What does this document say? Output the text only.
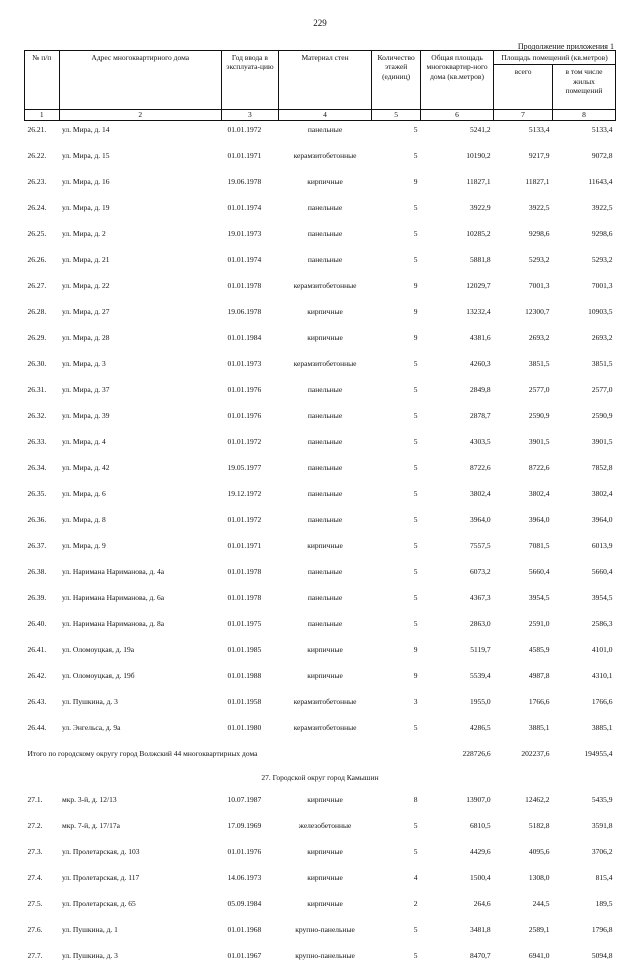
229
Продолжение приложения 1
№ п/п	Адрес многоквартирного дома	Год ввода в эксплуата-цию	Материал стен	Количество этажей (единиц)	Общая площадь многоквартир-ного дома (кв.метров)	Площадь помещений (кв.метров)	
						всего	в том числе жилых помещений
1	2	3	4	5	6	7	8
26.21.	ул. Мира, д. 14	01.01.1972	панельные	5	5241,2	5133,4	5133,4
26.22.	ул. Мира, д. 15	01.01.1971	керамзитобетонные	5	10190,2	9217,9	9072,8
26.23.	ул. Мира, д. 16	19.06.1978	кирпичные	9	11827,1	11827,1	11643,4
26.24.	ул. Мира, д. 19	01.01.1974	панельные	5	3922,9	3922,5	3922,5
26.25.	ул. Мира, д. 2	19.01.1973	панельные	5	10285,2	9298,6	9298,6
26.26.	ул. Мира, д. 21	01.01.1974	панельные	5	5881,8	5293,2	5293,2
26.27.	ул. Мира, д. 22	01.01.1978	керамзитобетонные	9	12029,7	7001,3	7001,3
26.28.	ул. Мира, д. 27	19.06.1978	кирпичные	9	13232,4	12300,7	10903,5
26.29.	ул. Мира, д. 28	01.01.1984	кирпичные	9	4381,6	2693,2	2693,2
26.30.	ул. Мира, д. 3	01.01.1973	керамзитобетонные	5	4260,3	3851,5	3851,5
26.31.	ул. Мира, д. 37	01.01.1976	панельные	5	2849,8	2577,0	2577,0
26.32.	ул. Мира, д. 39	01.01.1976	панельные	5	2878,7	2590,9	2590,9
26.33.	ул. Мира, д. 4	01.01.1972	панельные	5	4303,5	3901,5	3901,5
26.34.	ул. Мира, д. 42	19.05.1977	панельные	5	8722,6	8722,6	7852,8
26.35.	ул. Мира, д. 6	19.12.1972	панельные	5	3802,4	3802,4	3802,4
26.36.	ул. Мира, д. 8	01.01.1972	панельные	5	3964,0	3964,0	3964,0
26.37.	ул. Мира, д. 9	01.01.1971	кирпичные	5	7557,5	7081,5	6013,9
26.38.	ул. Наримана Нариманова, д. 4а	01.01.1978	панельные	5	6073,2	5660,4	5660,4
26.39.	ул. Наримана Нариманова, д. 6а	01.01.1978	панельные	5	4367,3	3954,5	3954,5
26.40.	ул. Наримана Нариманова, д. 8а	01.01.1975	панельные	5	2863,0	2591,0	2586,3
26.41.	ул. Оломоуцкая, д. 19а	01.01.1985	кирпичные	9	5119,7	4585,9	4101,0
26.42.	ул. Оломоуцкая, д. 19б	01.01.1988	кирпичные	9	5539,4	4987,8	4310,1
26.43.	ул. Пушкина, д. 3	01.01.1958	керамзитобетонные	3	1955,0	1766,6	1766,6
26.44.	ул. Энгельса, д. 9а	01.01.1980	керамзитобетонные	5	4286,5	3885,1	3885,1
Итого по городскому округу город Волжский 44 многоквартирных дома					228726,6	202237,6	194955,4
27. Городской округ город Камышин							
27.1.	мкр. 3-й, д. 12/13	10.07.1987	кирпичные	8	13907,0	12462,2	5435,9
27.2.	мкр. 7-й, д. 17/17а	17.09.1969	железобетонные	5	6810,5	5182,8	3591,8
27.3.	ул. Пролетарская, д. 103	01.01.1976	кирпичные	5	4429,6	4095,6	3706,2
27.4.	ул. Пролетарская, д. 117	14.06.1973	кирпичные	4	1500,4	1308,0	815,4
27.5.	ул. Пролетарская, д. 65	05.09.1984	кирпичные	2	264,6	244,5	189,5
27.6.	ул. Пушкина, д. 1	01.01.1968	крупно-панельные	5	3481,8	2589,1	1796,8
27.7.	ул. Пушкина, д. 3	01.01.1967	крупно-панельные	5	8470,7	6941,0	5094,8
